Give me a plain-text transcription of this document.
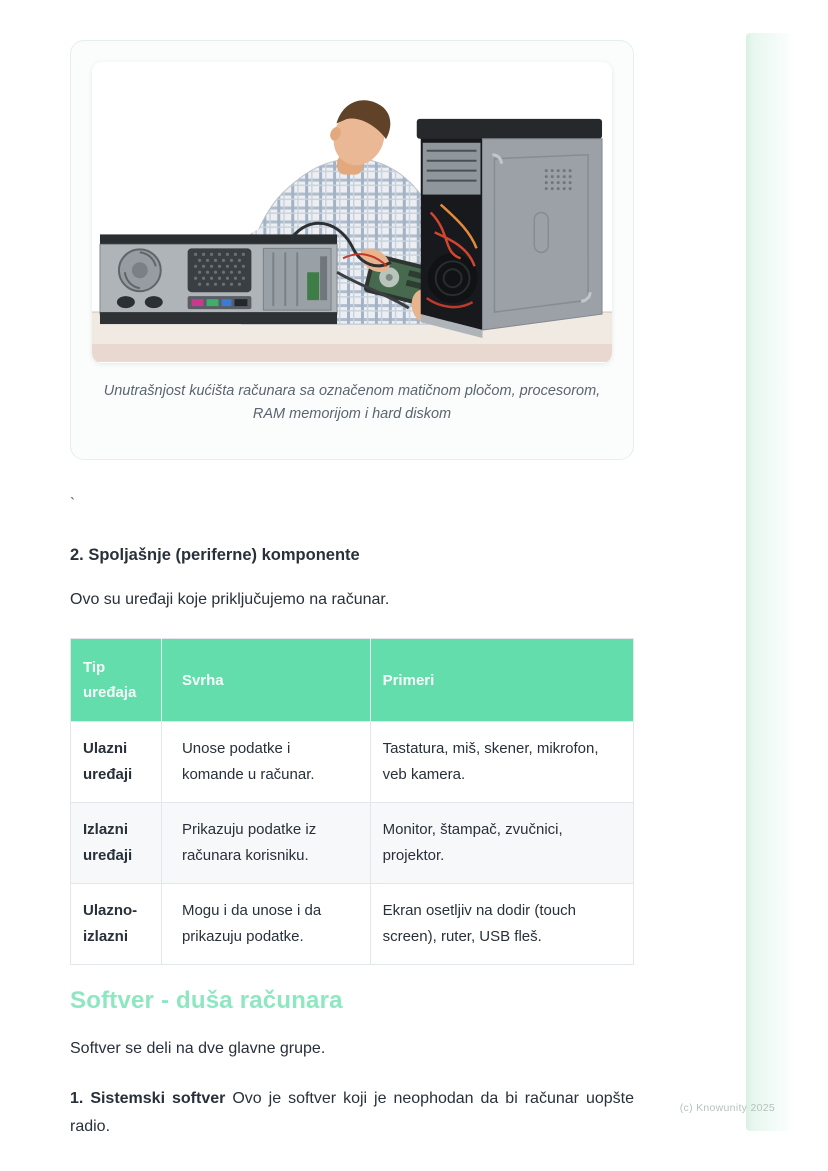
Unutrašnjost kućišta računara sa označenom matičnom pločom, procesorom, RAM memorijom i hard diskom

`

2. Spoljašnje (periferne) komponente

Ovo su uređaji koje priključujemo na računar.

Tip uređaja	Svrha	Primeri
Ulazni uređaji	Unose podatke i komande u računar.	Tastatura, miš, skener, mikrofon, veb kamera.
Izlazni uređaji	Prikazuju podatke iz računara korisniku.	Monitor, štampač, zvučnici, projektor.
Ulazno-izlazni	Mogu i da unose i da prikazuju podatke.	Ekran osetljiv na dodir (touch screen), ruter, USB fleš.
Softver - duša računara

Softver se deli na dve glavne grupe.

1. Sistemski softver Ovo je softver koji je neophodan da bi računar uopšte radio.

(c) Knowunity 2025
